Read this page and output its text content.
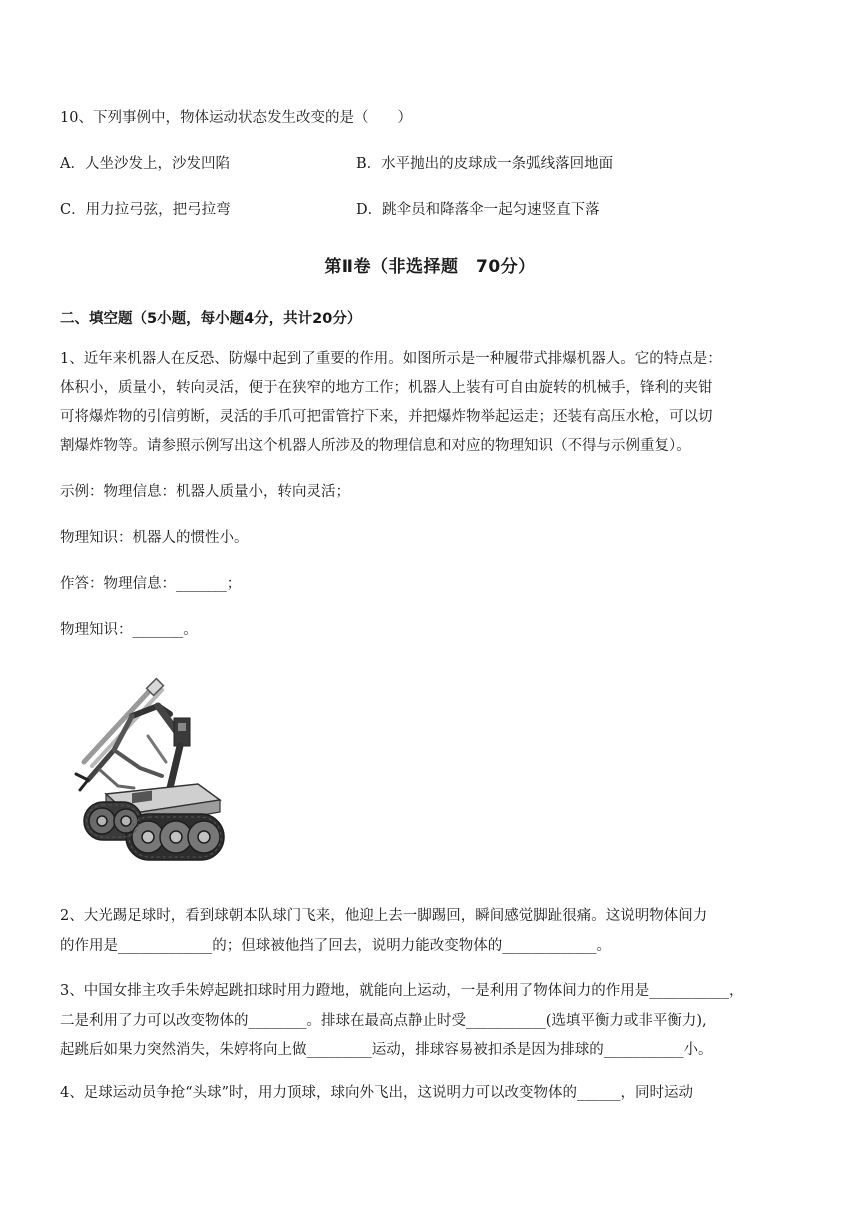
10、下列事例中，物体运动状态发生改变的是（　　）
A．人坐沙发上，沙发凹陷	B．水平抛出的皮球成一条弧线落回地面
C．用力拉弓弦，把弓拉弯	D．跳伞员和降落伞一起匀速竖直下落
第Ⅱ卷（非选择题　70分）
二、填空题（5小题，每小题4分，共计20分）
1、近年来机器人在反恐、防爆中起到了重要的作用。如图所示是一种履带式排爆机器人。它的特点是：
体积小，质量小，转向灵活，便于在狭窄的地方工作；机器人上装有可自由旋转的机械手，锋利的夹钳
可将爆炸物的引信剪断，灵活的手爪可把雷管拧下来，并把爆炸物举起运走；还装有高压水枪，可以切
割爆炸物等。请参照示例写出这个机器人所涉及的物理信息和对应的物理知识（不得与示例重复）。
示例：物理信息：机器人质量小，转向灵活；
物理知识：机器人的惯性小。
作答：物理信息：_______；
物理知识：_______。
2、大光踢足球时，看到球朝本队球门飞来，他迎上去一脚踢回，瞬间感觉脚趾很痛。这说明物体间力
的作用是_____________的；但球被他挡了回去，说明力能改变物体的_____________。
3、中国女排主攻手朱婷起跳扣球时用力蹬地，就能向上运动，一是利用了物体间力的作用是___________，
二是利用了力可以改变物体的________。排球在最高点静止时受___________(选填平衡力或非平衡力),
起跳后如果力突然消失，朱婷将向上做_________运动，排球容易被扣杀是因为排球的___________小。
4、足球运动员争抢“头球”时，用力顶球，球向外飞出，这说明力可以改变物体的______，同时运动
